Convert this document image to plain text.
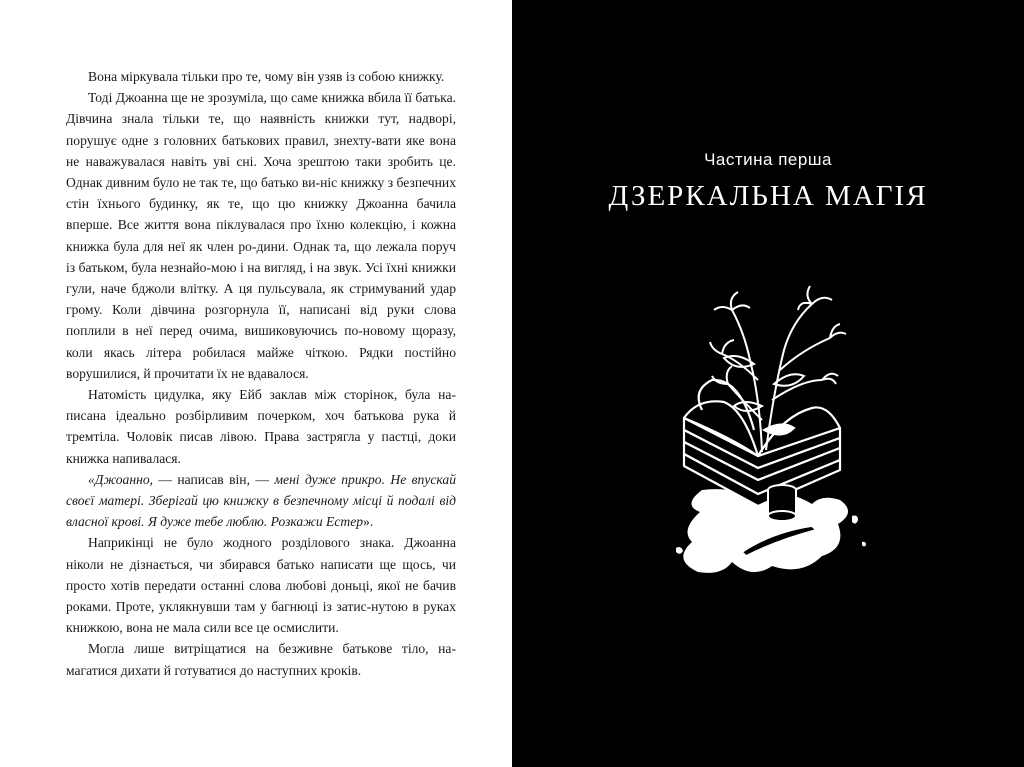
Вона міркувала тільки про те, чому він узяв із собою книжку.

Тоді Джоанна ще не зрозуміла, що саме книжка вбила її батька. Дівчина знала тільки те, що наявність книжки тут, надворі, порушує одне з головних батькових правил, знехту-вати яке вона не наважувалася навіть уві сні. Хоча зрештою таки зробить це. Однак дивним було не так те, що батько ви-ніс книжку з безпечних стін їхнього будинку, як те, що цю книжку Джоанна бачила вперше. Все життя вона піклувалася про їхню колекцію, і кожна книжка була для неї як член ро-дини. Однак та, що лежала поруч із батьком, була незнайо-мою і на вигляд, і на звук. Усі їхні книжки гули, наче бджоли влітку. А ця пульсувала, як стримуваний удар грому. Коли дівчина розгорнула її, написані від руки слова поплили в неї перед очима, вишиковуючись по-новому щоразу, коли якась літера робилася майже чіткою. Рядки постійно ворушилися, й прочитати їх не вдавалося.

Натомість цидулка, яку Ейб заклав між сторінок, була на-писана ідеально розбірливим почерком, хоч батькова рука й тремтіла. Чоловік писав лівою. Права застрягла у пастці, доки книжка напивалася.

«Джоанно, — написав він, — мені дуже прикро. Не впускай своєї матері. Зберігай цю книжку в безпечному місці й подалі від власної крові. Я дуже тебе люблю. Розкажи Естер».

Наприкінці не було жодного розділового знака. Джоанна ніколи не дізнається, чи збирався батько написати ще щось, чи просто хотів передати останні слова любові доньці, якої не бачив роками. Проте, уклякнувши там у багнюці із затис-нутою в руках книжкою, вона не мала сили все це осмислити.

Могла лише витріщатися на безживне батькове тіло, на-магатися дихати й готуватися до наступних кроків.

Частина перша
ДЗЕРКАЛЬНА МАГІЯ
